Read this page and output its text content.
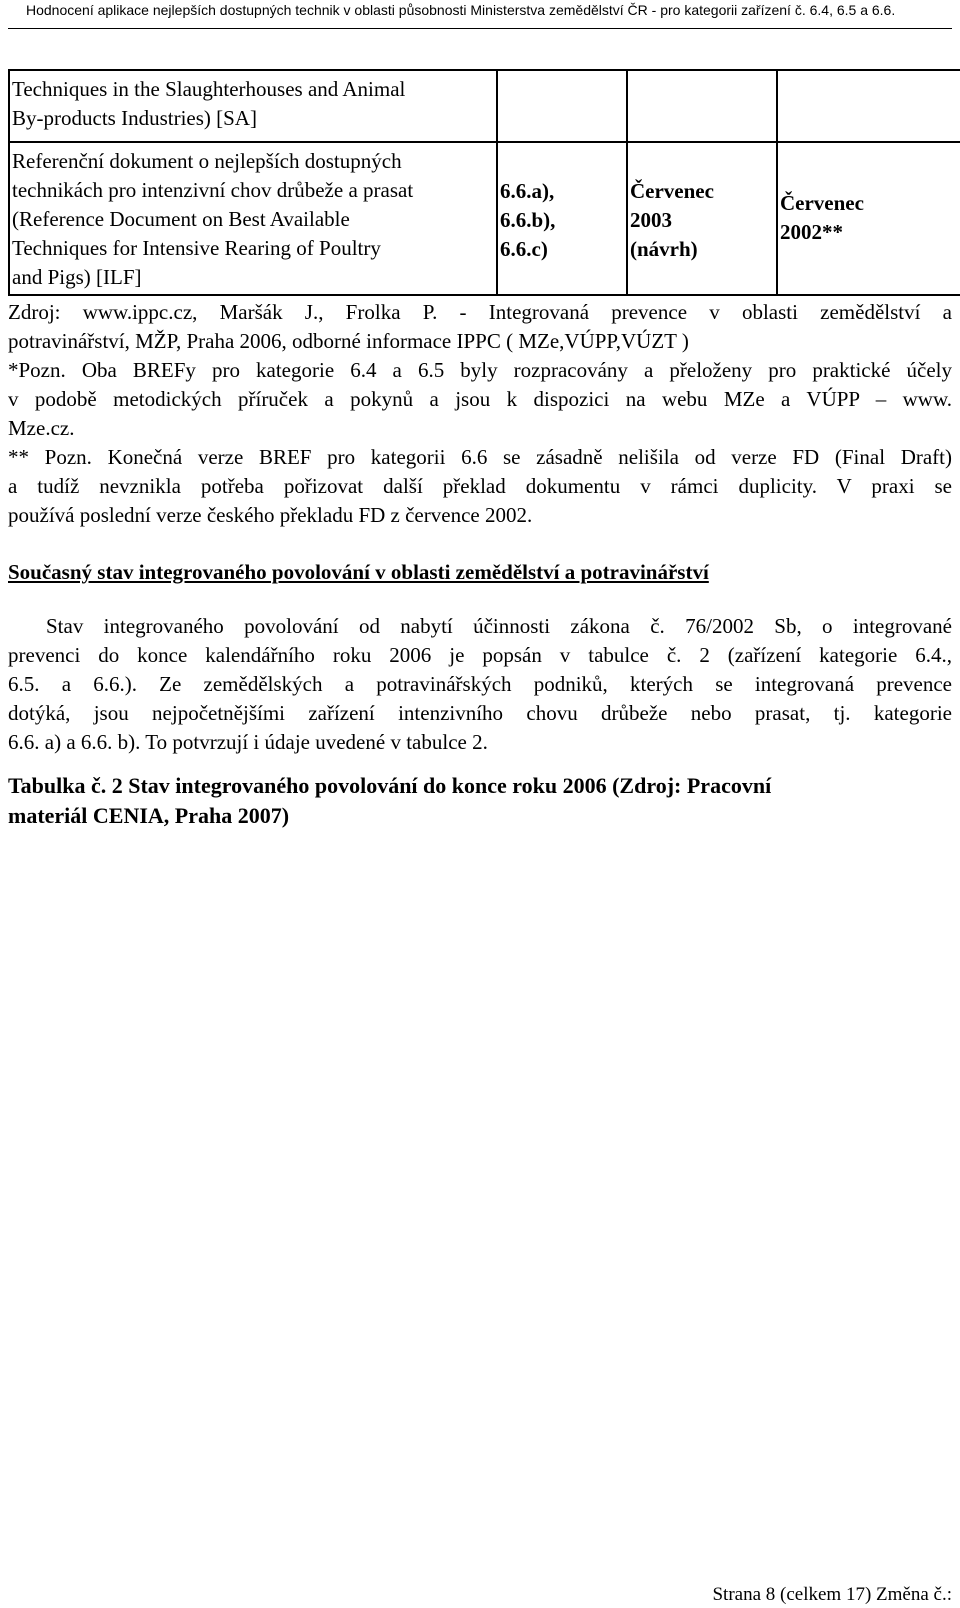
Hodnocení aplikace nejlepších dostupných technik v oblasti působnosti Ministerstva zemědělství ČR - pro kategorii zařízení č. 6.4, 6.5 a 6.6.
Techniques in the Slaughterhouses and Animal
By-products Industries) [SA]			

Referenční dokument o nejlepších dostupných
technikách pro intenzivní chov drůbeže a prasat
(Reference Document on Best Available
Techniques for Intensive Rearing of Poultry
and Pigs) [ILF]	6.6.a),
6.6.b),
6.6.c)	Červenec
2003
(návrh)	Červenec
2002**
Zdroj: www.ippc.cz, Maršák J., Frolka P. - Integrovaná prevence v oblasti zemědělství a
potravinářství, MŽP, Praha 2006, odborné informace IPPC ( MZe,VÚPP,VÚZT )
*Pozn. Oba BREFy pro kategorie 6.4 a 6.5 byly rozpracovány a přeloženy pro praktické účely
v podobě metodických příruček a pokynů a jsou k dispozici na webu MZe a VÚPP – www.
Mze.cz.
** Pozn. Konečná verze BREF pro kategorii 6.6 se zásadně nelišila od verze FD (Final Draft)
a tudíž nevznikla potřeba pořizovat další překlad dokumentu v rámci duplicity. V praxi se
používá poslední verze českého překladu FD z července 2002.
Současný stav integrovaného povolování v oblasti zemědělství a potravinářství
Stav integrovaného povolování od nabytí účinnosti zákona č. 76/2002 Sb, o integrované
prevenci do konce kalendářního roku 2006 je popsán v tabulce č. 2 (zařízení kategorie 6.4.,
6.5. a 6.6.). Ze zemědělských a potravinářských podniků, kterých se integrovaná prevence
dotýká, jsou nejpočetnějšími zařízení intenzivního chovu drůbeže nebo prasat, tj. kategorie
6.6. a) a 6.6. b). To potvrzují i údaje uvedené v tabulce 2.
Tabulka č. 2 Stav integrovaného povolování do konce roku 2006 (Zdroj: Pracovní
materiál CENIA, Praha 2007)
Strana 8 (celkem 17) Změna č.:
